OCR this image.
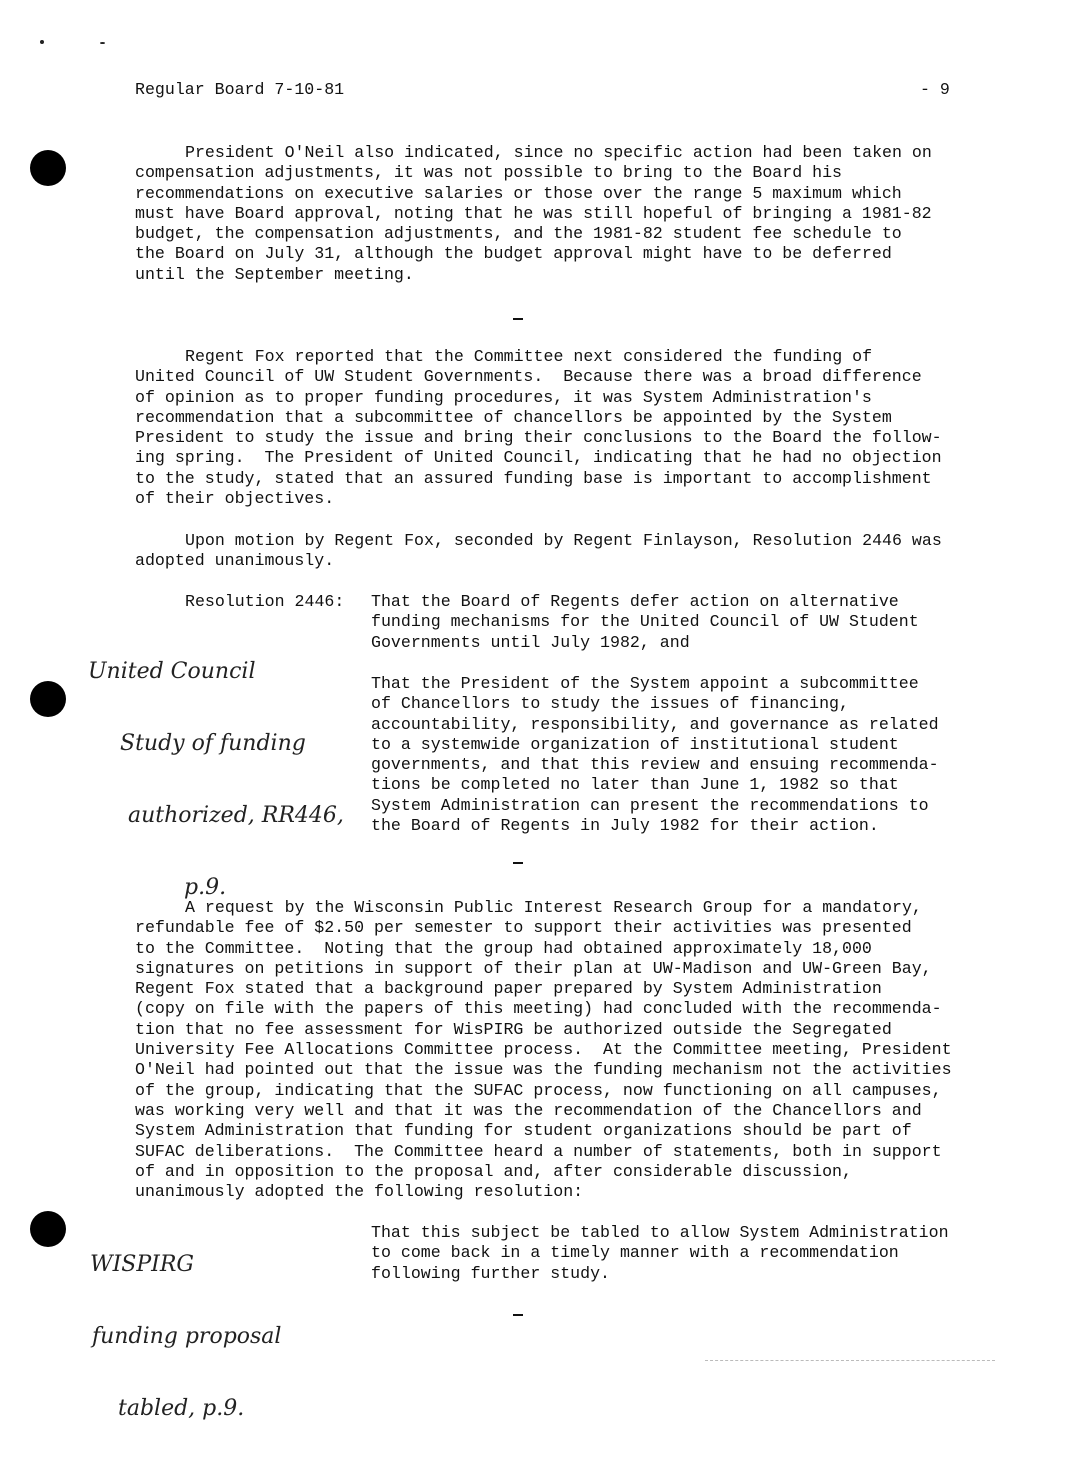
Regular Board 7-10-81	- 9
President O'Neil also indicated, since no specific action had been taken on
compensation adjustments, it was not possible to bring to the Board his
recommendations on executive salaries or those over the range 5 maximum which
must have Board approval, noting that he was still hopeful of bringing a 1981-82
budget, the compensation adjustments, and the 1981-82 student fee schedule to
the Board on July 31, although the budget approval might have to be deferred
until the September meeting.
Regent Fox reported that the Committee next considered the funding of
United Council of UW Student Governments.  Because there was a broad difference
of opinion as to proper funding procedures, it was System Administration's
recommendation that a subcommittee of chancellors be appointed by the System
President to study the issue and bring their conclusions to the Board the follow-
ing spring.  The President of United Council, indicating that he had no objection
to the study, stated that an assured funding base is important to accomplishment
of their objectives.
Upon motion by Regent Fox, seconded by Regent Finlayson, Resolution 2446 was
adopted unanimously.
Resolution 2446: That the Board of Regents defer action on alternative
funding mechanisms for the United Council of UW Student
Governments until July 1982, and
That the President of the System appoint a subcommittee
of Chancellors to study the issues of financing,
accountability, responsibility, and governance as related
to a systemwide organization of institutional student
governments, and that this review and ensuing recommenda-
tions be completed no later than June 1, 1982 so that
System Administration can present the recommendations to
the Board of Regents in July 1982 for their action.

United Council

Study of funding

authorized, RR446,

p.9.

A request by the Wisconsin Public Interest Research Group for a mandatory,
refundable fee of $2.50 per semester to support their activities was presented
to the Committee.  Noting that the group had obtained approximately 18,000
signatures on petitions in support of their plan at UW-Madison and UW-Green Bay,
Regent Fox stated that a background paper prepared by System Administration
(copy on file with the papers of this meeting) had concluded with the recommenda-
tion that no fee assessment for WisPIRG be authorized outside the Segregated
University Fee Allocations Committee process.  At the Committee meeting, President
O'Neil had pointed out that the issue was the funding mechanism not the activities
of the group, indicating that the SUFAC process, now functioning on all campuses,
was working very well and that it was the recommendation of the Chancellors and
System Administration that funding for student organizations should be part of
SUFAC deliberations.  The Committee heard a number of statements, both in support
of and in opposition to the proposal and, after considerable discussion,
unanimously adopted the following resolution:
That this subject be tabled to allow System Administration
to come back in a timely manner with a recommendation
following further study.

WISPIRG

funding proposal

tabled, p.9.
